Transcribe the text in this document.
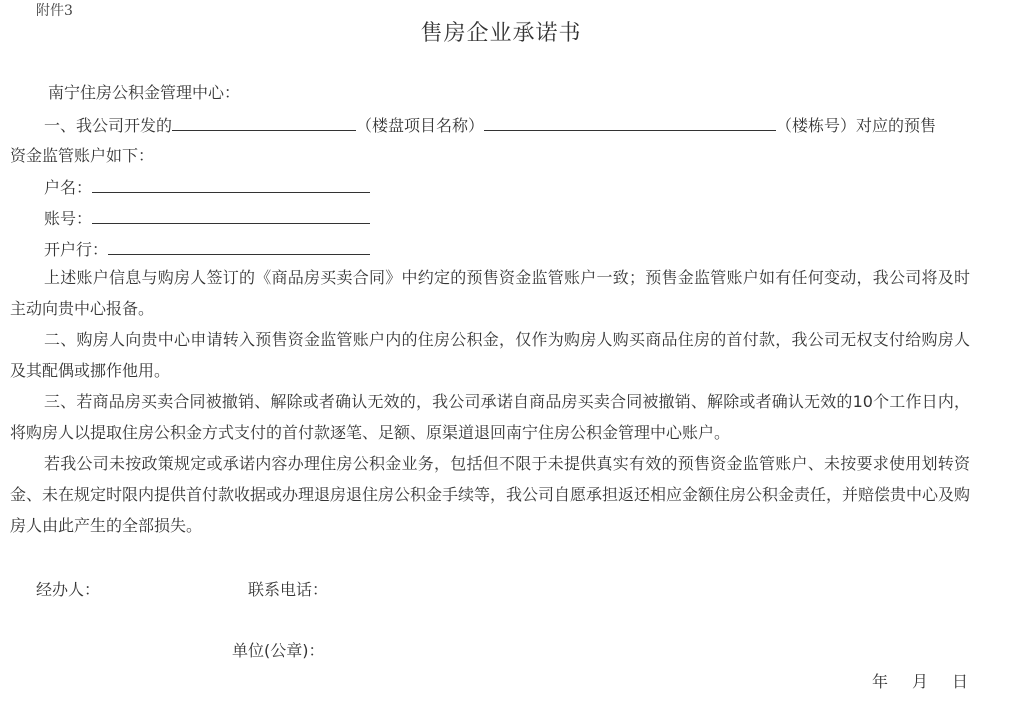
附件3
售房企业承诺书
南宁住房公积金管理中心：
一、我公司开发的	（楼盘项目名称）	（楼栋号）对应的预售
资金监管账户如下：
户名：
账号：
开户行：
上述账户信息与购房人签订的《商品房买卖合同》中约定的预售资金监管账户一致；预售金监管账户如有任何变动，我公司将及时主动向贵中心报备。
二、购房人向贵中心申请转入预售资金监管账户内的住房公积金，仅作为购房人购买商品住房的首付款，我公司无权支付给购房人及其配偶或挪作他用。
三、若商品房买卖合同被撤销、解除或者确认无效的，我公司承诺自商品房买卖合同被撤销、解除或者确认无效的10个工作日内，将购房人以提取住房公积金方式支付的首付款逐笔、足额、原渠道退回南宁住房公积金管理中心账户。
若我公司未按政策规定或承诺内容办理住房公积金业务，包括但不限于未提供真实有效的预售资金监管账户、未按要求使用划转资金、未在规定时限内提供首付款收据或办理退房退住房公积金手续等，我公司自愿承担返还相应金额住房公积金责任，并赔偿贵中心及购房人由此产生的全部损失。
经办人：	联系电话：
单位(公章)：
年 月 日
